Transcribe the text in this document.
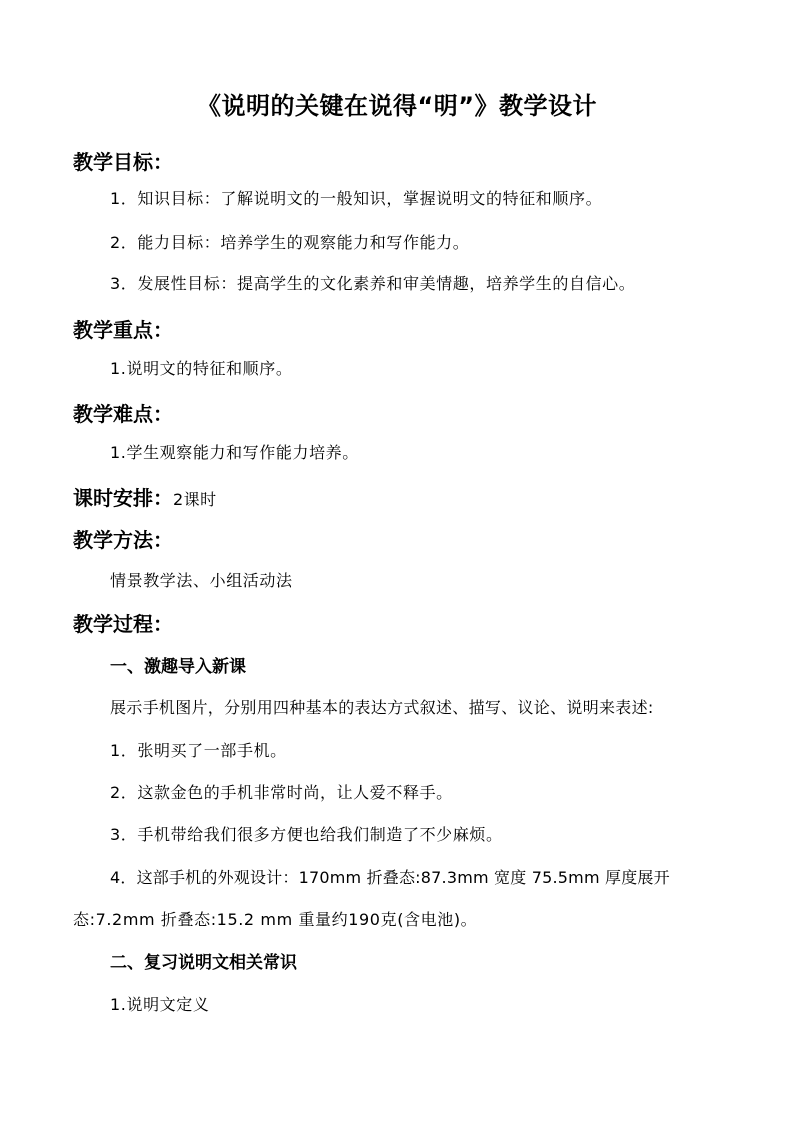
《说明的关键在说得“明”》教学设计
教学目标：
1．知识目标：了解说明文的一般知识，掌握说明文的特征和顺序。
2．能力目标：培养学生的观察能力和写作能力。
3．发展性目标：提高学生的文化素养和审美情趣，培养学生的自信心。
教学重点：
1.说明文的特征和顺序。
教学难点：
1.学生观察能力和写作能力培养。
课时安排：2课时
教学方法：
情景教学法、小组活动法
教学过程：
一、激趣导入新课
展示手机图片，分别用四种基本的表达方式叙述、描写、议论、说明来表述:
1．张明买了一部手机。
2．这款金色的手机非常时尚，让人爱不释手。
3．手机带给我们很多方便也给我们制造了不少麻烦。
4．这部手机的外观设计：170mm 折叠态:87.3mm 宽度 75.5mm 厚度展开
态:7.2mm 折叠态:15.2 mm 重量约190克(含电池)。
二、复习说明文相关常识
1.说明文定义
